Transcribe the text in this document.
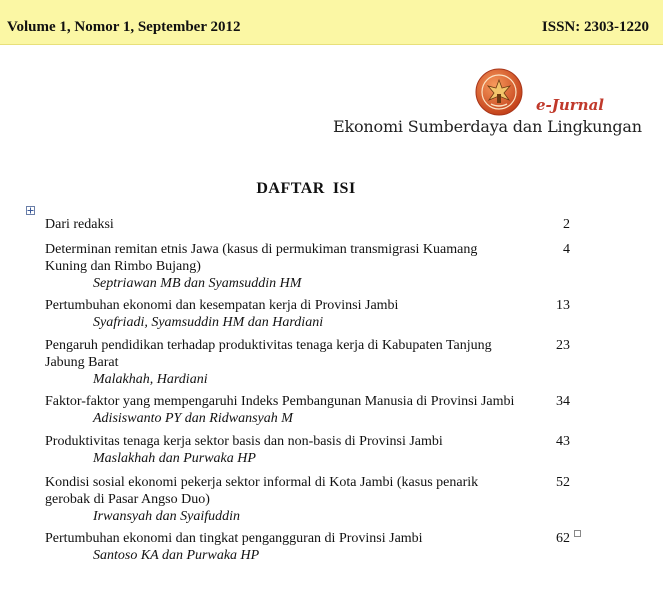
Volume 1, Nomor 1, September 2012	ISSN: 2303-1220
e-Jurnal
Ekonomi Sumberdaya dan Lingkungan
DAFTAR ISI
Dari redaksi	2
Determinan remitan etnis Jawa (kasus di permukiman transmigrasi Kuamang Kuning dan Rimbo Bujang)
Septriawan MB dan Syamsuddin HM
4
Pertumbuhan ekonomi dan kesempatan kerja di Provinsi Jambi
Syafriadi, Syamsuddin HM dan Hardiani
13
Pengaruh pendidikan terhadap produktivitas tenaga kerja di Kabupaten Tanjung Jabung Barat
Malakhah, Hardiani
23
Faktor-faktor yang mempengaruhi Indeks Pembangunan Manusia di Provinsi Jambi
Adisiswanto PY dan Ridwansyah M
34
Produktivitas tenaga kerja sektor basis dan non-basis di Provinsi Jambi
Maslakhah dan Purwaka HP
43
Kondisi sosial ekonomi pekerja sektor informal di Kota Jambi (kasus penarik gerobak di Pasar Angso Duo)
Irwansyah dan Syaifuddin
52
Pertumbuhan ekonomi dan tingkat pengangguran di Provinsi Jambi
Santoso KA dan Purwaka HP
62
